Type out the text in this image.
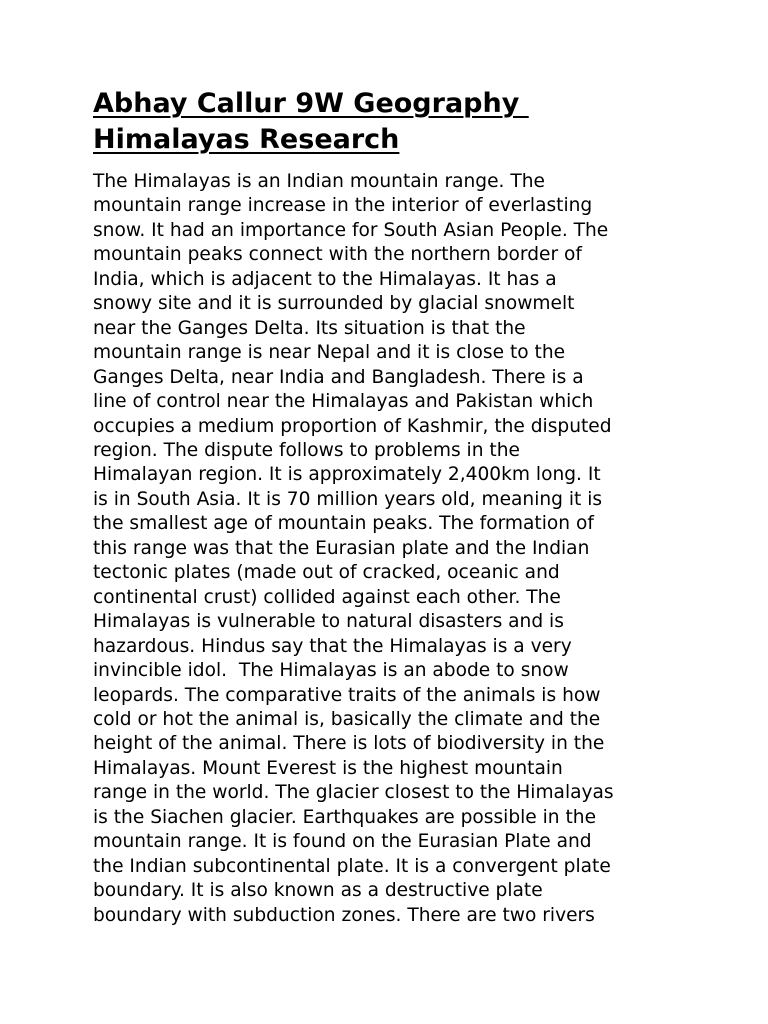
Abhay Callur 9W Geography
Himalayas Research
The Himalayas is an Indian mountain range. The
mountain range increase in the interior of everlasting
snow. It had an importance for South Asian People. The
mountain peaks connect with the northern border of
India, which is adjacent to the Himalayas. It has a
snowy site and it is surrounded by glacial snowmelt
near the Ganges Delta. Its situation is that the
mountain range is near Nepal and it is close to the
Ganges Delta, near India and Bangladesh. There is a
line of control near the Himalayas and Pakistan which
occupies a medium proportion of Kashmir, the disputed
region. The dispute follows to problems in the
Himalayan region. It is approximately 2,400km long. It
is in South Asia. It is 70 million years old, meaning it is
the smallest age of mountain peaks. The formation of
this range was that the Eurasian plate and the Indian
tectonic plates (made out of cracked, oceanic and
continental crust) collided against each other. The
Himalayas is vulnerable to natural disasters and is
hazardous. Hindus say that the Himalayas is a very
invincible idol.  The Himalayas is an abode to snow
leopards. The comparative traits of the animals is how
cold or hot the animal is, basically the climate and the
height of the animal. There is lots of biodiversity in the
Himalayas. Mount Everest is the highest mountain
range in the world. The glacier closest to the Himalayas
is the Siachen glacier. Earthquakes are possible in the
mountain range. It is found on the Eurasian Plate and
the Indian subcontinental plate. It is a convergent plate
boundary. It is also known as a destructive plate
boundary with subduction zones. There are two rivers
